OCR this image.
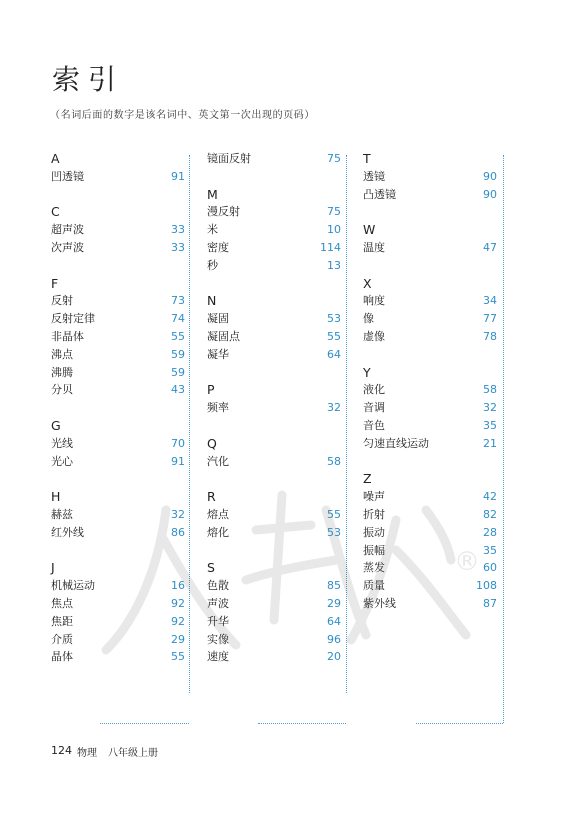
索引

（名词后面的数字是该名词中、英文第一次出现的页码）

A
凹透镜	91
C
超声波	33
次声波	33
F
反射	73
反射定律	74
非晶体	55
沸点	59
沸腾	59
分贝	43
G
光线	70
光心	91
H
赫兹	32
红外线	86
J
机械运动	16
焦点	92
焦距	92
介质	29
晶体	55
镜面反射	75
M
漫反射	75
米	10
密度	114
秒	13
N
凝固	53
凝固点	55
凝华	64
P
频率	32
Q
汽化	58
R
熔点	55
熔化	53
S
色散	85
声波	29
升华	64
实像	96
速度	20
T
透镜	90
凸透镜	90
W
温度	47
X
响度	34
像	77
虚像	78
Y
液化	58
音调	32
音色	35
匀速直线运动	21
Z
噪声	42
折射	82
振动	28
振幅	35
蒸发	60
质量	108
紫外线	87
®
124 物理 八年级上册
